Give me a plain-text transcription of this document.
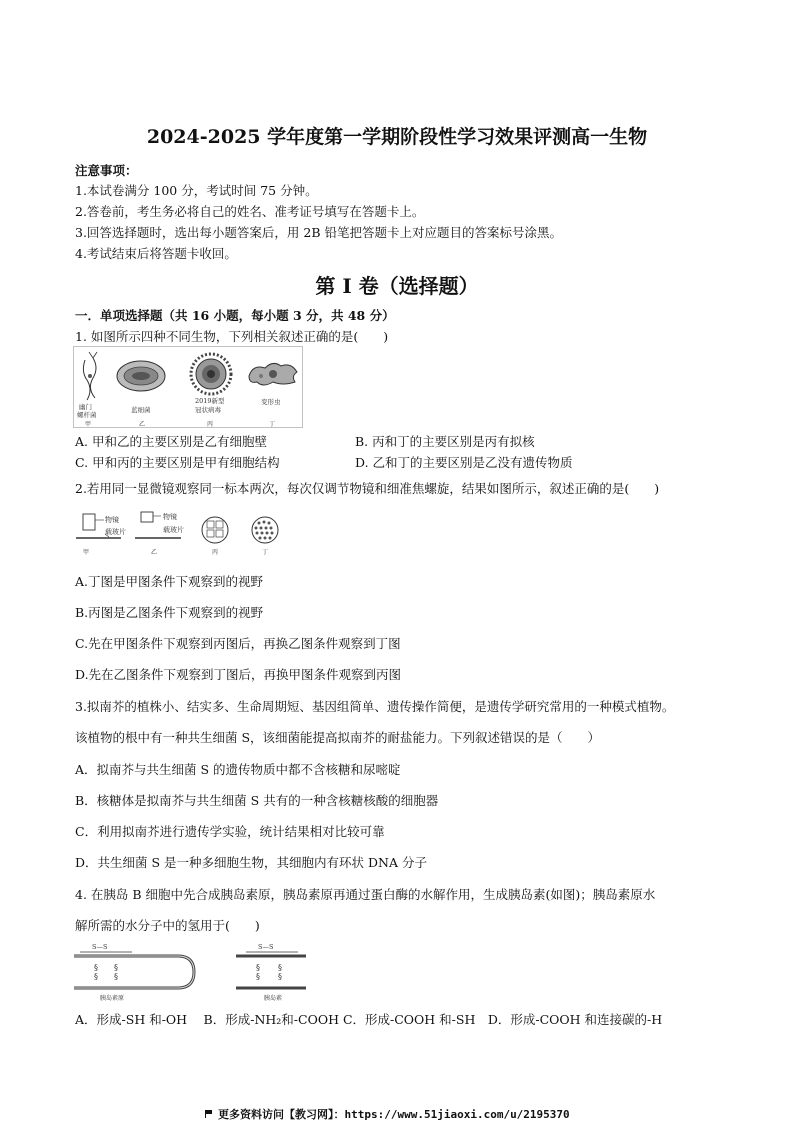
2024-2025 学年度第一学期阶段性学习效果评测高一生物
注意事项：
1.本试卷满分 100 分，考试时间 75 分钟。
2.答卷前，考生务必将自己的姓名、准考证号填写在答题卡上。
3.回答选择题时，选出每小题答案后，用 2B 铅笔把答题卡上对应题目的答案标号涂黑。
4.考试结束后将答题卡收回。
第 I 卷（选择题）
一．单项选择题（共 16 小题，每小题 3 分，共 48 分）
1. 如图所示四种不同生物，下列相关叙述正确的是(　　)
幽门
螺杆菌
甲
蓝细菌
乙
2019新型
冠状病毒
丙
变形虫
丁
A. 甲和乙的主要区别是乙有细胞壁	B. 丙和丁的主要区别是丙有拟核
C. 甲和丙的主要区别是甲有细胞结构	D. 乙和丁的主要区别是乙没有遗传物质
2.若用同一显微镜观察同一标本两次，每次仅调节物镜和细准焦螺旋，结果如图所示，叙述正确的是(　　)
物镜
载玻片
甲
物镜
载玻片
乙	丙	丁
A.丁图是甲图条件下观察到的视野
B.丙图是乙图条件下观察到的视野
C.先在甲图条件下观察到丙图后，再换乙图条件观察到丁图
D.先在乙图条件下观察到丁图后，再换甲图条件观察到丙图
3.拟南芥的植株小、结实多、生命周期短、基因组简单、遗传操作简便，是遗传学研究常用的一种模式植物。
该植物的根中有一种共生细菌 S，该细菌能提高拟南芥的耐盐能力。下列叙述错误的是（　　）
A．拟南芥与共生细菌 S 的遗传物质中都不含核糖和尿嘧啶
B．核糖体是拟南芥与共生细菌 S 共有的一种含核糖核酸的细胞器
C．利用拟南芥进行遗传学实验，统计结果相对比较可靠
D．共生细菌 S 是一种多细胞生物，其细胞内有环状 DNA 分子
4. 在胰岛 B 细胞中先合成胰岛素原，胰岛素原再通过蛋白酶的水解作用，生成胰岛素(如图)；胰岛素原水
解所需的水分子中的氢用于(　　)
S—S
§
§
§
§
胰岛素原
S—S
§
§
§
§
胰岛素
A．形成-SH 和-OH　 B．形成-NH₂和-COOH C．形成-COOH 和-SH　D．形成-COOH 和连接碳的-H
更多资料访问【教习网】：https://www.51jiaoxi.com/u/2195370
